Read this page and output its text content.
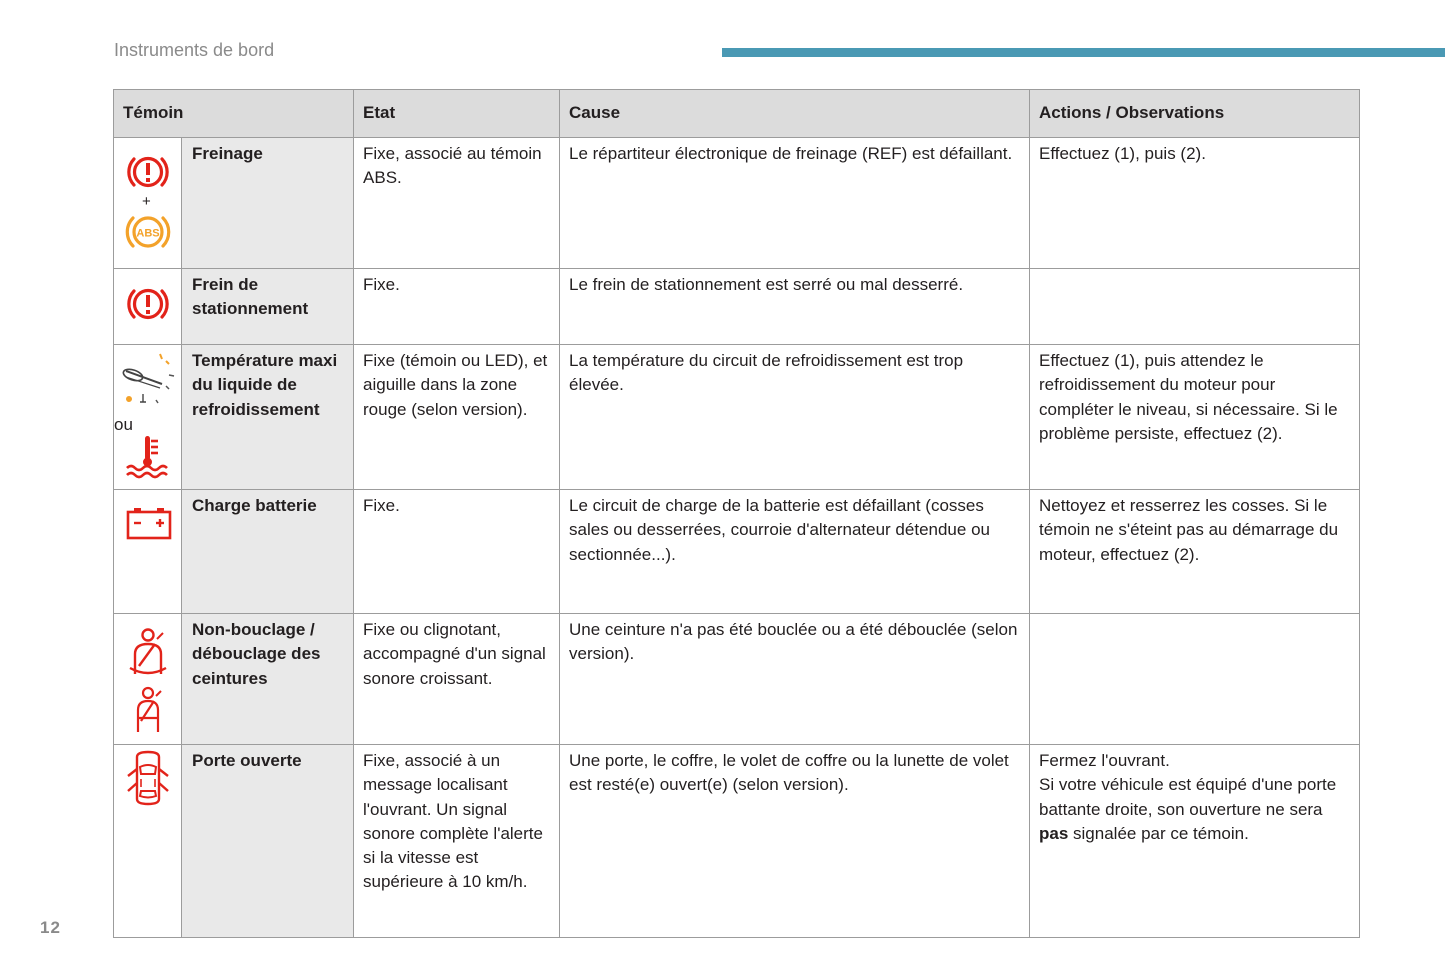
Instruments de bord
Témoin		Etat	Cause	Actions / Observations

+
ABS	Freinage	Fixe, associé au témoin ABS.	Le répartiteur électronique de freinage (REF) est défaillant.	Effectuez (1), puis (2).

	Frein de stationnement	Fixe.	Le frein de stationnement est serré ou mal desserré.	

ou	Température maxi du liquide de refroidissement	Fixe (témoin ou LED), et aiguille dans la zone rouge (selon version).	La température du circuit de refroidissement est trop élevée.	Effectuez (1), puis attendez le refroidissement du moteur pour compléter le niveau, si nécessaire. Si le problème persiste, effectuez (2).

	Charge batterie	Fixe.	Le circuit de charge de la batterie est défaillant (cosses sales ou desserrées, courroie d'alternateur détendue ou sectionnée...).	Nettoyez et resserrez les cosses. Si le témoin ne s'éteint pas au démarrage du moteur, effectuez (2).

	Non-bouclage / débouclage des ceintures	Fixe ou clignotant, accompagné d'un signal sonore croissant.	Une ceinture n'a pas été bouclée ou a été débouclée (selon version).	

	Porte ouverte	Fixe, associé à un message localisant l'ouvrant. Un signal sonore complète l'alerte si la vitesse est supérieure à 10 km/h.	Une porte, le coffre, le volet de coffre ou la lunette de volet est resté(e) ouvert(e) (selon version).	Fermez l'ouvrant.
Si votre véhicule est équipé d'une porte battante droite, son ouverture ne sera pas signalée par ce témoin.
12
